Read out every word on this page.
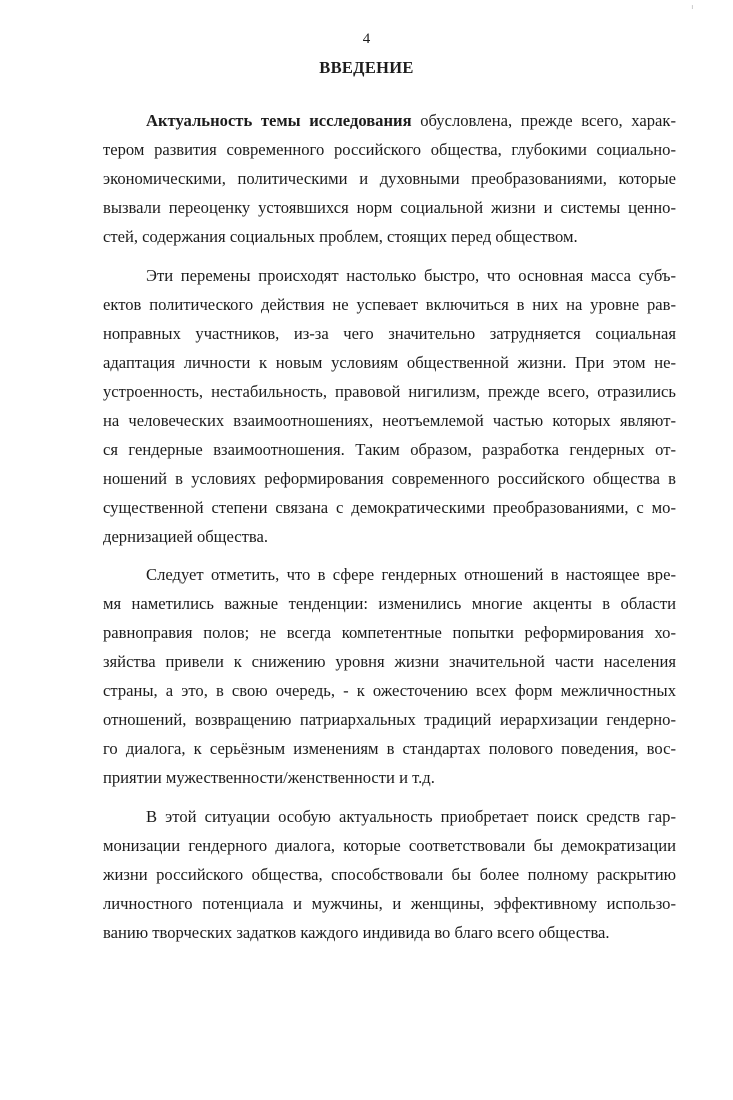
· ·
4
ВВЕДЕНИЕ

Актуальность темы исследования обусловлена, прежде всего, харак-
тером развития современного российского общества, глубокими социально-
экономическими, политическими и духовными преобразованиями, которые
вызвали переоценку устоявшихся норм социальной жизни и системы ценно-
стей, содержания социальных проблем, стоящих перед обществом.

Эти перемены происходят настолько быстро, что основная масса субъ-
ектов политического действия не успевает включиться в них на уровне рав-
ноправных участников, из-за чего значительно затрудняется социальная
адаптация личности к новым условиям общественной жизни. При этом не-
устроенность, нестабильность, правовой нигилизм, прежде всего, отразились
на человеческих взаимоотношениях, неотъемлемой частью которых являют-
ся гендерные взаимоотношения. Таким образом, разработка гендерных от-
ношений в условиях реформирования современного российского общества в
существенной степени связана с демократическими преобразованиями, с мо-
дернизацией общества.

Следует отметить, что в сфере гендерных отношений в настоящее вре-
мя наметились важные тенденции: изменились многие акценты в области
равноправия полов; не всегда компетентные попытки реформирования хо-
зяйства привели к снижению уровня жизни значительной части населения
страны, а это, в свою очередь, - к ожесточению всех форм межличностных
отношений, возвращению патриархальных традиций иерархизации гендерно-
го диалога, к серьёзным изменениям в стандартах полового поведения, вос-
приятии мужественности/женственности и т.д.

В этой ситуации особую актуальность приобретает поиск средств гар-
монизации гендерного диалога, которые соответствовали бы демократизации
жизни российского общества, способствовали бы более полному раскрытию
личностного потенциала и мужчины, и женщины, эффективному использо-
ванию творческих задатков каждого индивида во благо всего общества.
